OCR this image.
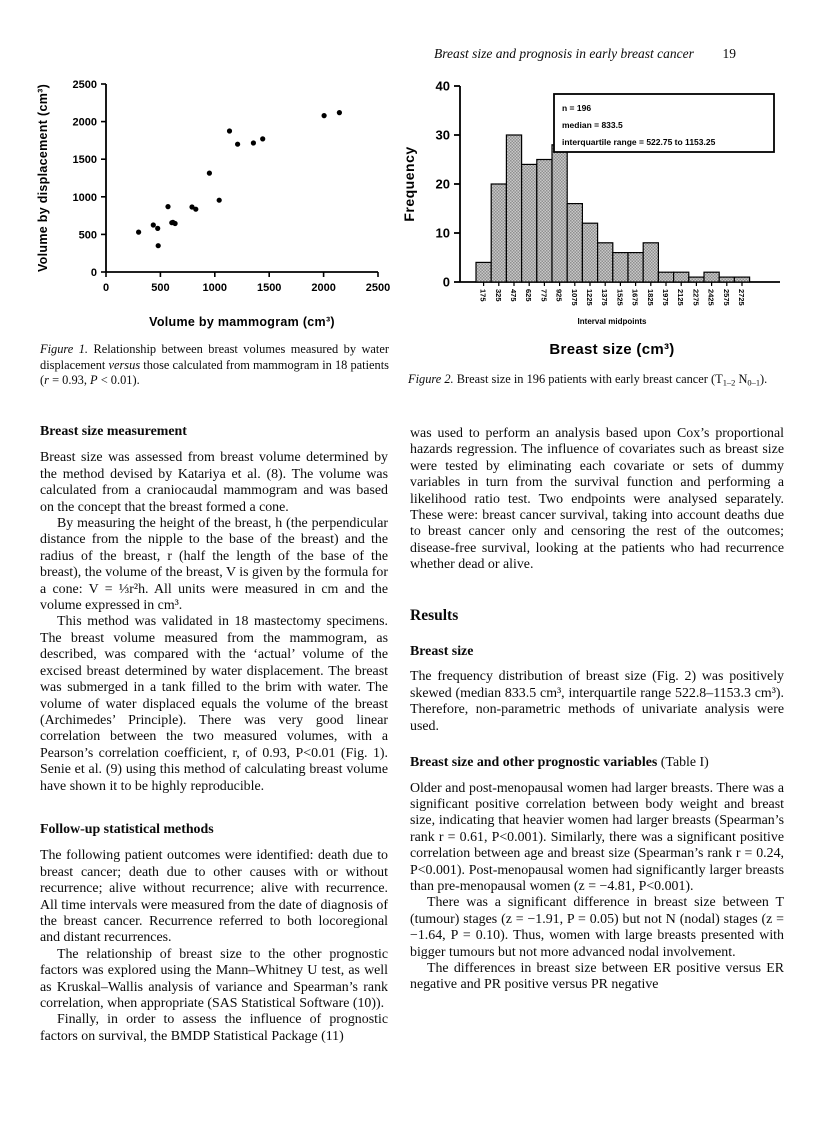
Breast size and prognosis in early breast cancer 19
0	500	1000	1500	2000	2500
0
500
1000
1500
2000
2500
Volume by mammogram (cm³)
Volume by displacement (cm³)
Figure 1. Relationship between breast volumes measured by water displacement versus those calculated from mammogram in 18 patients (r = 0.93, P < 0.01).
0
10
20
30
40
175 325 475 625 775 925 1075 1225 1375 1525 1675 1825 1975 2125 2275 2425 2575 2725
n = 196
median = 833.5
interquartile range = 522.75 to 1153.25
Interval midpoints
Breast size (cm³)
Frequency
Figure 2. Breast size in 196 patients with early breast cancer ($T_{1-2}$ $N_{0-1}$).
Breast size measurement

Breast size was assessed from breast volume determined by the method devised by Katariya et al. (8). The volume was calculated from a craniocaudal mammogram and was based on the concept that the breast formed a cone.

By measuring the height of the breast, h (the perpendicular distance from the nipple to the base of the breast) and the radius of the breast, r (half the length of the base of the breast), the volume of the breast, V is given by the formula for a cone: V = ⅓r²h. All units were measured in cm and the volume expressed in cm³.

This method was validated in 18 mastectomy specimens. The breast volume measured from the mammogram, as described, was compared with the ‘actual’ volume of the excised breast determined by water displacement. The breast was submerged in a tank filled to the brim with water. The volume of water displaced equals the volume of the breast (Archimedes’ Principle). There was very good linear correlation between the two measured volumes, with a Pearson’s correlation coefficient, r, of 0.93, P<0.01 (Fig. 1). Senie et al. (9) using this method of calculating breast volume have shown it to be highly reproducible.

Follow-up statistical methods

The following patient outcomes were identified: death due to breast cancer; death due to other causes with or without recurrence; alive without recurrence; alive with recurrence. All time intervals were measured from the date of diagnosis of the breast cancer. Recurrence referred to both locoregional and distant recurrences.

The relationship of breast size to the other prognostic factors was explored using the Mann–Whitney U test, as well as Kruskal–Wallis analysis of variance and Spearman’s rank correlation, when appropriate (SAS Statistical Software (10)).

Finally, in order to assess the influence of prognostic factors on survival, the BMDP Statistical Package (11)

was used to perform an analysis based upon Cox’s proportional hazards regression. The influence of covariates such as breast size were tested by eliminating each covariate or sets of dummy variables in turn from the survival function and performing a likelihood ratio test. Two endpoints were analysed separately. These were: breast cancer survival, taking into account deaths due to breast cancer only and censoring the rest of the outcomes; disease-free survival, looking at the patients who had recurrence whether dead or alive.

Results
Breast size

The frequency distribution of breast size (Fig. 2) was positively skewed (median 833.5 cm³, interquartile range 522.8–1153.3 cm³). Therefore, non-parametric methods of univariate analysis were used.

Breast size and other prognostic variables (Table I)

Older and post-menopausal women had larger breasts. There was a significant positive correlation between body weight and breast size, indicating that heavier women had larger breasts (Spearman’s rank r = 0.61, P<0.001). Similarly, there was a significant positive correlation between age and breast size (Spearman’s rank r = 0.24, P<0.001). Post-menopausal women had significantly larger breasts than pre-menopausal women (z = −4.81, P<0.001).

There was a significant difference in breast size between T (tumour) stages (z = −1.91, P = 0.05) but not N (nodal) stages (z = −1.64, P = 0.10). Thus, women with large breasts presented with bigger tumours but not more advanced nodal involvement.

The differences in breast size between ER positive versus ER negative and PR positive versus PR negative
